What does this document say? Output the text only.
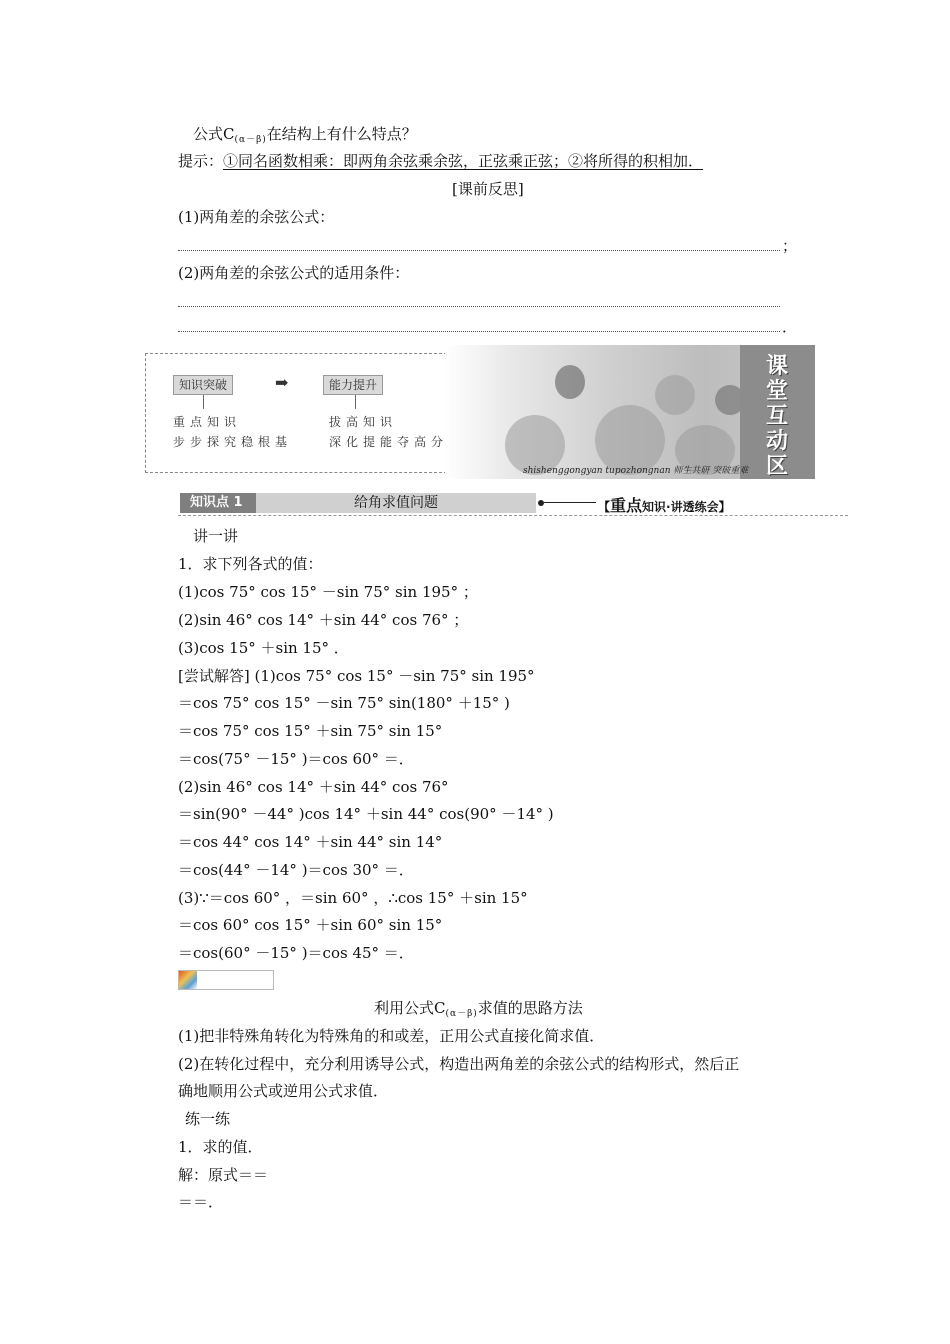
公式$C_{(\alpha-\beta)}$在结构上有什么特点？
提示：①同名函数相乘：即两角余弦乘余弦，正弦乘正弦；②将所得的积相加．
[课前反思]
(1)两角差的余弦公式：
；
(2)两角差的余弦公式的适用条件：
．
知识突破	➡	能力提升
重点知识
步步探究稳根基
拔高知识
深化提能夺高分
课
堂
互
动
区
shishenggongyan tupozhongnan 师生共研 突破重难
知识点 1	给角求值问题	【重点知识·讲透练会】
讲一讲
1．求下列各式的值：
(1)cos 75° cos 15° －sin 75° sin 195° ；
(2)sin 46° cos 14° ＋sin 44° cos 76° ；
(3)cos 15° ＋sin 15° ．
[尝试解答] (1)cos 75° cos 15° －sin 75° sin 195°
＝cos 75° cos 15° －sin 75° sin(180° ＋15° )
＝cos 75° cos 15° ＋sin 75° sin 15°
＝cos(75° －15° )＝cos 60° ＝．
(2)sin 46° cos 14° ＋sin 44° cos 76°
＝sin(90° －44° )cos 14° ＋sin 44° cos(90° －14° )
＝cos 44° cos 14° ＋sin 44° sin 14°
＝cos(44° －14° )＝cos 30° ＝．
(3)∵＝cos 60° ，＝sin 60° ，∴cos 15° ＋sin 15°
＝cos 60° cos 15° ＋sin 60° sin 15°
＝cos(60° －15° )＝cos 45° ＝．
利用公式$C_{(\alpha-\beta)}$求值的思路方法
(1)把非特殊角转化为特殊角的和或差，正用公式直接化简求值．
(2)在转化过程中，充分利用诱导公式，构造出两角差的余弦公式的结构形式，然后正
确地顺用公式或逆用公式求值．
练一练
1．求的值．
解：原式＝＝
＝＝．
